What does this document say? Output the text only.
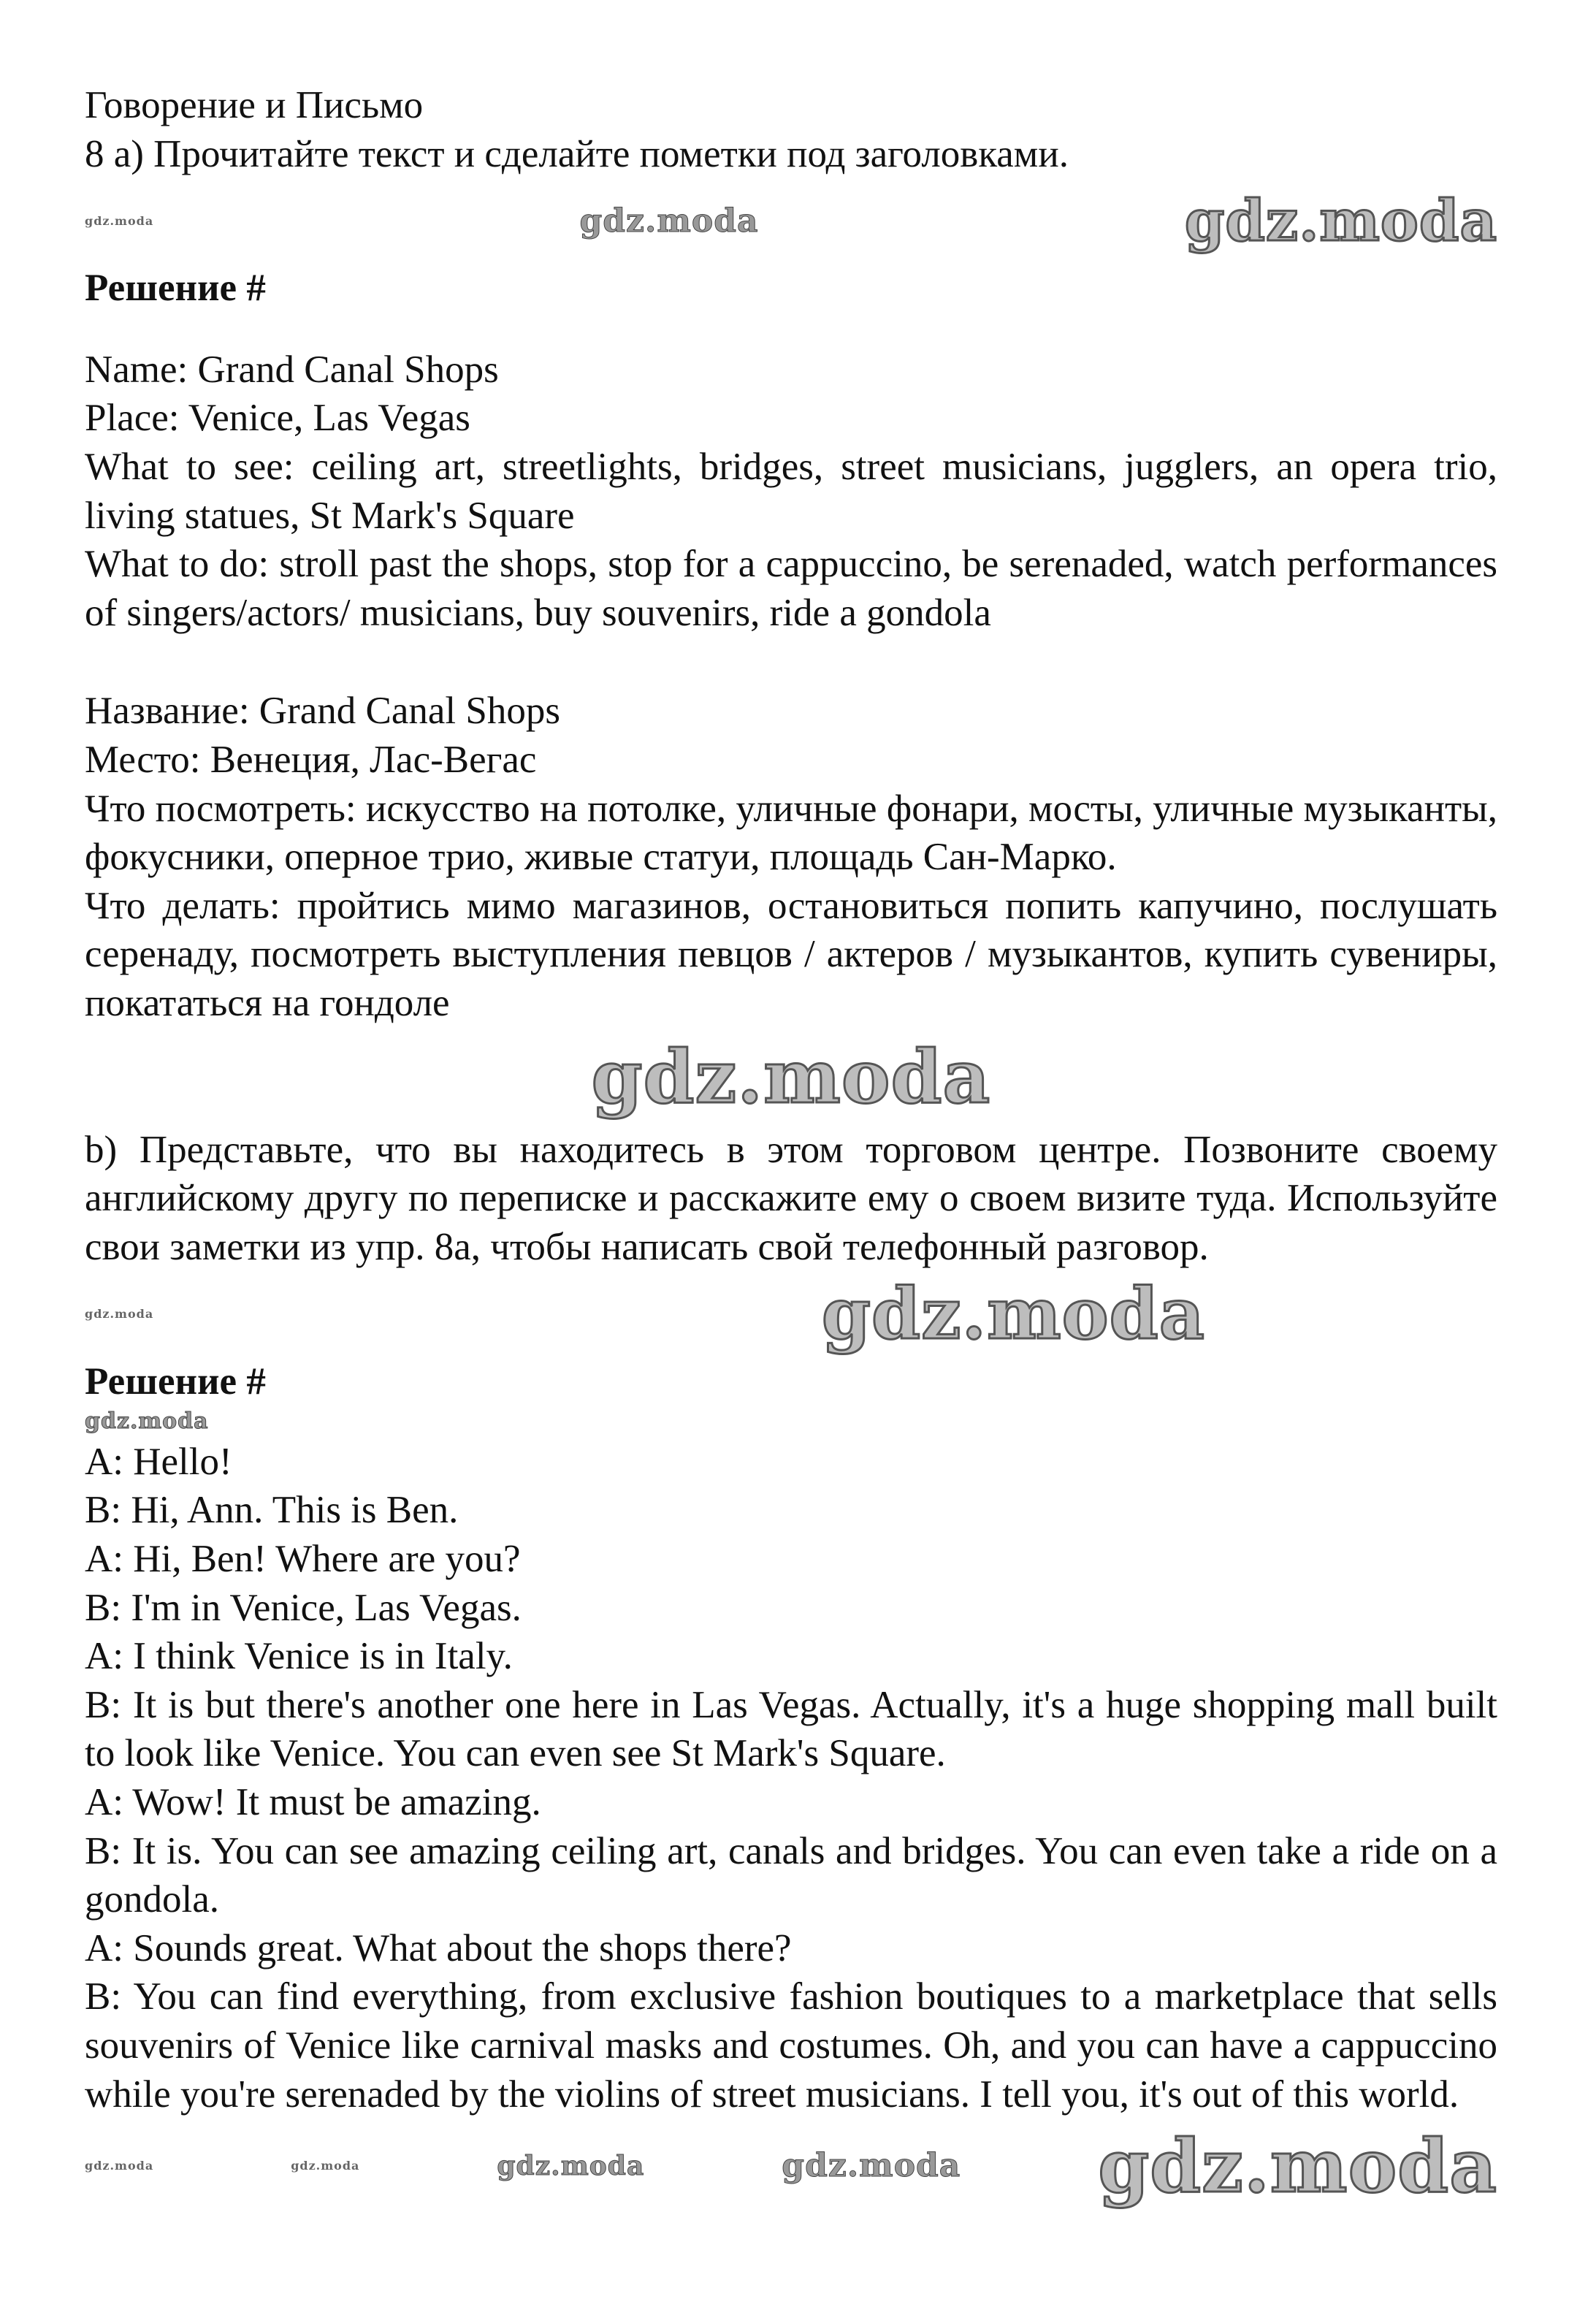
Говорение и Письмо

8 a) Прочитайте текст и сделайте пометки под заголовками.

gdz.moda	gdz.moda	gdz.moda
Решение #

Name: Grand Canal Shops

Place: Venice, Las Vegas

What to see: ceiling art, streetlights, bridges, street musicians, jugglers, an opera trio, living statues, St Mark's Square

What to do: stroll past the shops, stop for a cappuccino, be serenaded, watch performances of singers/actors/ musicians, buy souvenirs, ride a gondola

Название: Grand Canal Shops

Место: Венеция, Лас-Вегас

Что посмотреть: искусство на потолке, уличные фонари, мосты, уличные музыканты, фокусники, оперное трио, живые статуи, площадь Сан-Марко.

Что делать: пройтись мимо магазинов, остановиться попить капучино, послушать серенаду, посмотреть выступления певцов / актеров / музыкантов, купить сувениры, покататься на гондоле

gdz.moda

b) Представьте, что вы находитесь в этом торговом центре. Позвоните своему английскому другу по переписке и расскажите ему о своем визите туда. Используйте свои заметки из упр. 8а, чтобы написать свой телефонный разговор.

gdz.moda	gdz.moda
Решение #
gdz.moda

A: Hello!

B: Hi, Ann. This is Ben.

A: Hi, Ben! Where are you?

B: I'm in Venice, Las Vegas.

A: I think Venice is in Italy.

B: It is but there's another one here in Las Vegas. Actually, it's a huge shopping mall built to look like Venice. You can even see St Mark's Square.

A: Wow! It must be amazing.

B: It is. You can see amazing ceiling art, canals and bridges. You can even take a ride on a gondola.

A: Sounds great. What about the shops there?

B: You can find everything, from exclusive fashion boutiques to a marketplace that sells souvenirs of Venice like carnival masks and costumes. Oh, and you can have a cappuccino while you're serenaded by the violins of street musicians. I tell you, it's out of this world.

gdz.moda	gdz.moda	gdz.moda	gdz.moda gdz.moda
